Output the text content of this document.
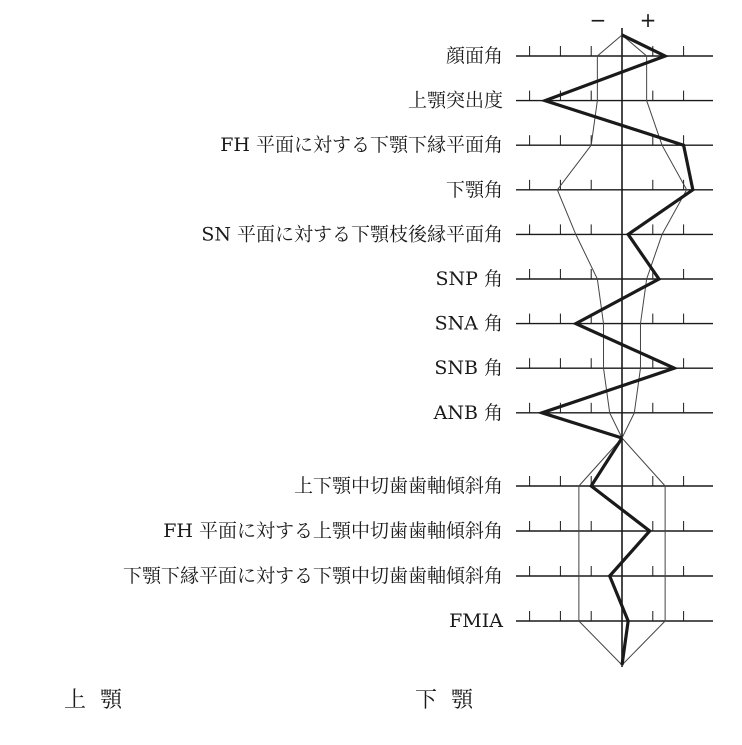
− +
顔面角
上顎突出度
FH 平面に対する下顎下縁平面角
下顎角
SN 平面に対する下顎枝後縁平面角
SNP 角
SNA 角
SNB 角
ANB 角
上下顎中切歯歯軸傾斜角
FH 平面に対する上顎中切歯歯軸傾斜角
下顎下縁平面に対する下顎中切歯歯軸傾斜角
FMIA
上顎	下顎
